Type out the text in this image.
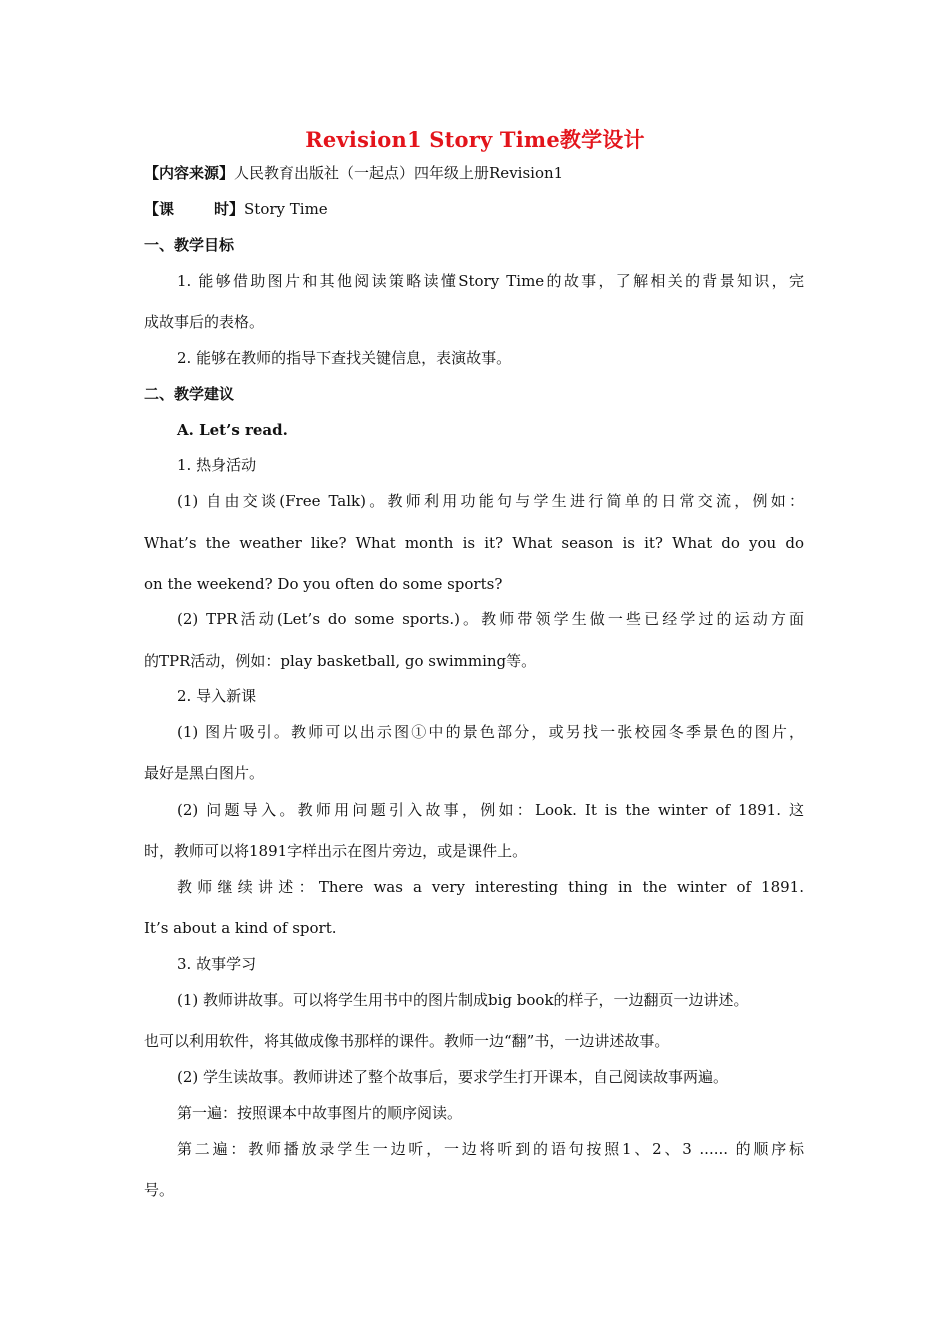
Revision1 Story Time教学设计
【内容来源】人民教育出版社（一起点）四年级上册Revision1
【课	时】Story Time
一、教学目标
1. 能够借助图片和其他阅读策略读懂Story Time的故事，了解相关的背景知识，完
成故事后的表格。
2. 能够在教师的指导下查找关键信息，表演故事。
二、教学建议
A. Let’s read.
1. 热身活动
(1) 自由交谈(Free Talk)。教师利用功能句与学生进行简单的日常交流，例如：
What’s the weather like? What month is it? What season is it? What do you do
on the weekend? Do you often do some sports?
(2) TPR活动(Let’s do some sports.)。教师带领学生做一些已经学过的运动方面
的TPR活动，例如：play basketball, go swimming等。
2. 导入新课
(1) 图片吸引。教师可以出示图①中的景色部分，或另找一张校园冬季景色的图片，
最好是黑白图片。
(2) 问题导入。教师用问题引入故事，例如：Look. It is the winter of 1891. 这
时，教师可以将1891字样出示在图片旁边，或是课件上。
教师继续讲述：There was a very interesting thing in the winter of 1891.
It’s about a kind of sport.
3. 故事学习
(1) 教师讲故事。可以将学生用书中的图片制成big book的样子，一边翻页一边讲述。
也可以利用软件，将其做成像书那样的课件。教师一边“翻”书，一边讲述故事。
(2) 学生读故事。教师讲述了整个故事后，要求学生打开课本，自己阅读故事两遍。
第一遍：按照课本中故事图片的顺序阅读。
第二遍：教师播放录学生一边听，一边将听到的语句按照1、2、3 ...... 的顺序标
号。
